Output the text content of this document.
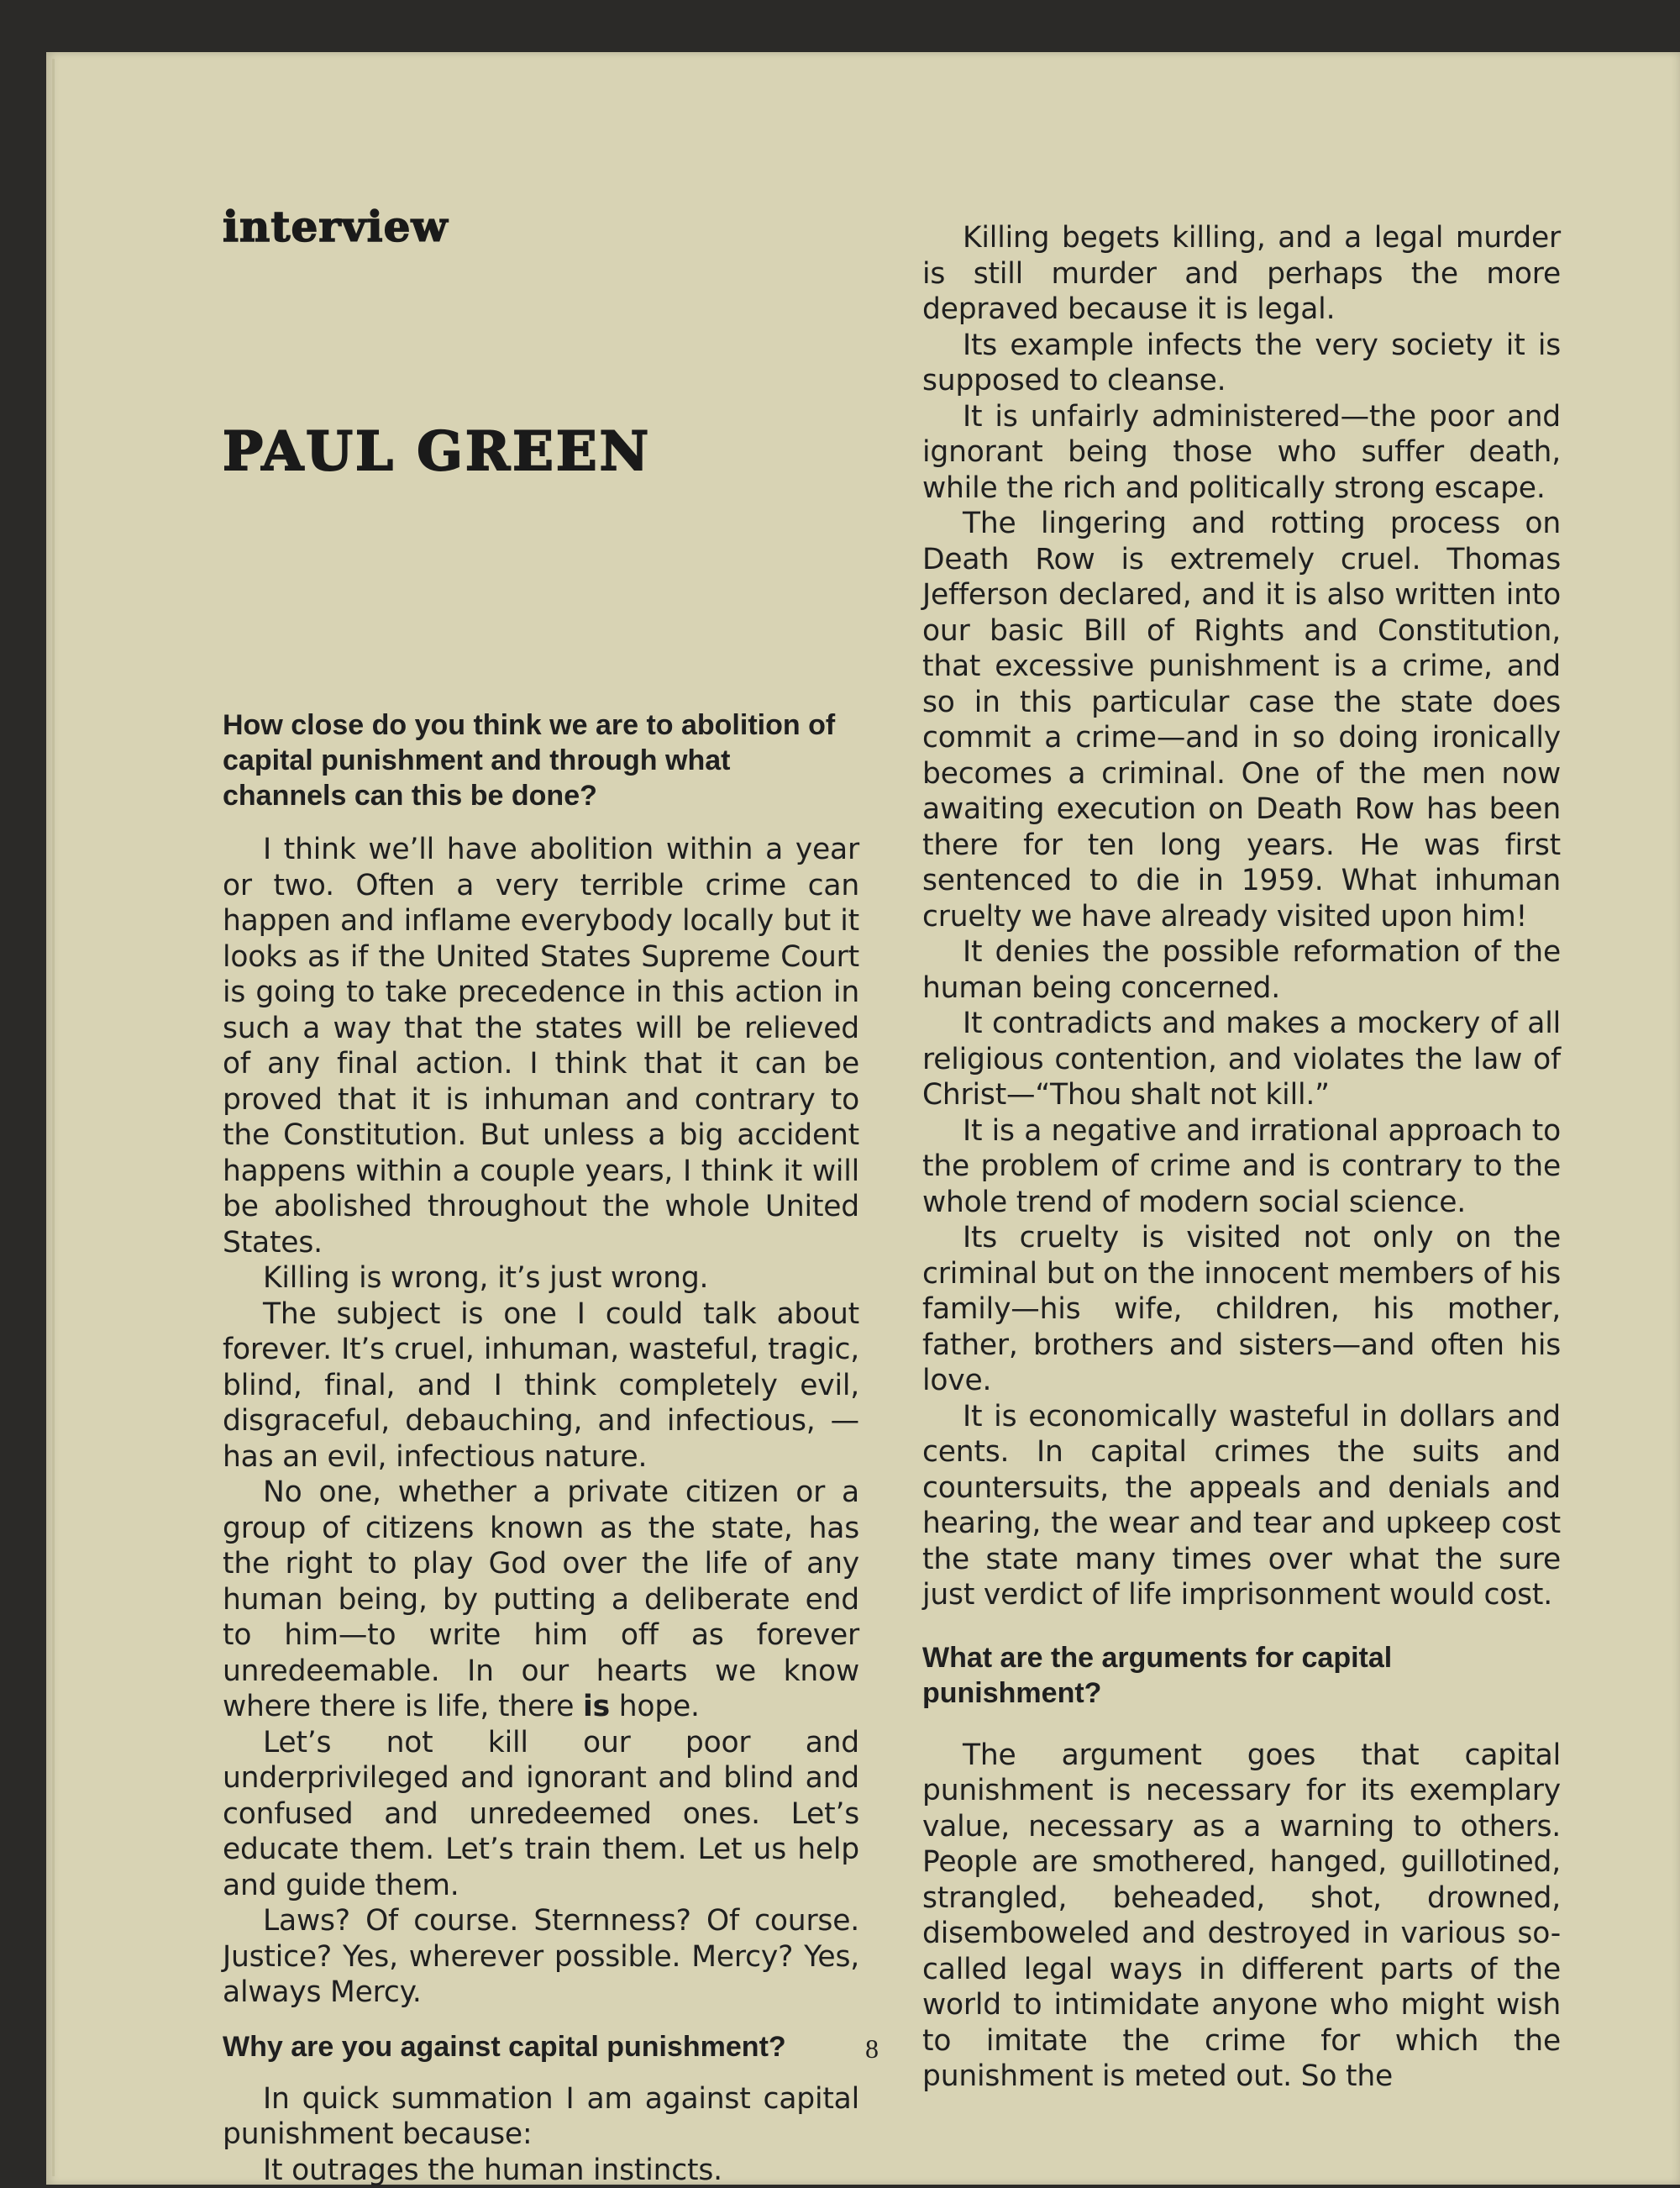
interview
PAUL GREEN
How close do you think we are to abolition of capital punishment and through what channels can this be done?

I think we’ll have abolition within a year or two. Often a very terrible crime can happen and inflame everybody locally but it looks as if the United States Supreme Court is going to take precedence in this action in such a way that the states will be relieved of any final action. I think that it can be proved that it is inhuman and contrary to the Constitution. But unless a big accident happens within a couple years, I think it will be abolished throughout the whole United States.

Killing is wrong, it’s just wrong.

The subject is one I could talk about forever. It’s cruel, inhuman, wasteful, tragic, blind, final, and I think completely evil, disgraceful, debauching, and infectious, — has an evil, infectious nature.

No one, whether a private citizen or a group of citizens known as the state, has the right to play God over the life of any human being, by putting a deliberate end to him—to write him off as forever unredeemable. In our hearts we know where there is life, there is hope.

Let’s not kill our poor and underprivileged and ignorant and blind and confused and unredeemed ones. Let’s educate them. Let’s train them. Let us help and guide them.

Laws? Of course. Sternness? Of course. Justice? Yes, wherever possible. Mercy? Yes, always Mercy.

Why are you against capital punishment?

In quick summation I am against capital punishment because:

It outrages the human instincts.

Killing begets killing, and a legal murder is still murder and perhaps the more depraved because it is legal.

Its example infects the very society it is supposed to cleanse.

It is unfairly administered—the poor and ignorant being those who suffer death, while the rich and politically strong escape.

The lingering and rotting process on Death Row is extremely cruel. Thomas Jefferson declared, and it is also written into our basic Bill of Rights and Constitution, that excessive punishment is a crime, and so in this particular case the state does commit a crime—and in so doing ironically becomes a criminal. One of the men now awaiting execution on Death Row has been there for ten long years. He was first sentenced to die in 1959. What inhuman cruelty we have already visited upon him!

It denies the possible reformation of the human being concerned.

It contradicts and makes a mockery of all religious contention, and violates the law of Christ—“Thou shalt not kill.”

It is a negative and irrational approach to the problem of crime and is contrary to the whole trend of modern social science.

Its cruelty is visited not only on the criminal but on the innocent members of his family—his wife, children, his mother, father, brothers and sisters—and often his love.

It is economically wasteful in dollars and cents. In capital crimes the suits and countersuits, the appeals and denials and hearing, the wear and tear and upkeep cost the state many times over what the sure just verdict of life imprisonment would cost.

What are the arguments for capital punishment?

The argument goes that capital punishment is necessary for its exemplary value, necessary as a warning to others. People are smothered, hanged, guillotined, strangled, beheaded, shot, drowned, disemboweled and destroyed in various so-called legal ways in different parts of the world to intimidate anyone who might wish to imitate the crime for which the punishment is meted out. So the

8
